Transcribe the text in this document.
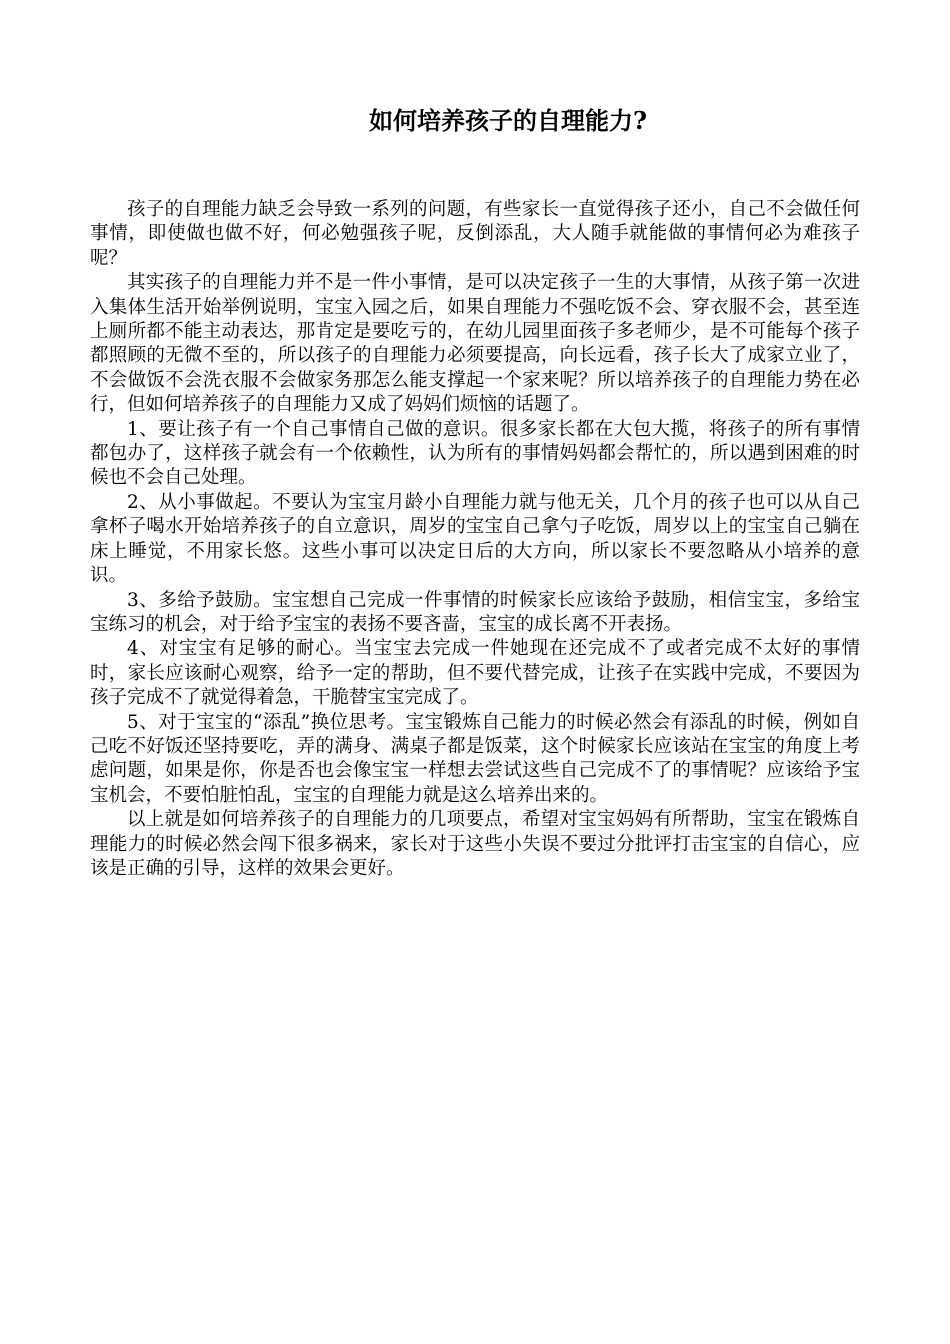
如何培养孩子的自理能力?

孩子的自理能力缺乏会导致一系列的问题，有些家长一直觉得孩子还小，自己不会做任何事情，即使做也做不好，何必勉强孩子呢，反倒添乱，大人随手就能做的事情何必为难孩子呢？

其实孩子的自理能力并不是一件小事情，是可以决定孩子一生的大事情，从孩子第一次进入集体生活开始举例说明，宝宝入园之后，如果自理能力不强吃饭不会、穿衣服不会，甚至连上厕所都不能主动表达，那肯定是要吃亏的，在幼儿园里面孩子多老师少，是不可能每个孩子都照顾的无微不至的，所以孩子的自理能力必须要提高，向长远看，孩子长大了成家立业了，不会做饭不会洗衣服不会做家务那怎么能支撑起一个家来呢？所以培养孩子的自理能力势在必行，但如何培养孩子的自理能力又成了妈妈们烦恼的话题了。

1、要让孩子有一个自己事情自己做的意识。很多家长都在大包大揽，将孩子的所有事情都包办了，这样孩子就会有一个依赖性，认为所有的事情妈妈都会帮忙的，所以遇到困难的时候也不会自己处理。

2、从小事做起。不要认为宝宝月龄小自理能力就与他无关，几个月的孩子也可以从自己拿杯子喝水开始培养孩子的自立意识，周岁的宝宝自己拿勺子吃饭，周岁以上的宝宝自己躺在床上睡觉，不用家长悠。这些小事可以决定日后的大方向，所以家长不要忽略从小培养的意识。

3、多给予鼓励。宝宝想自己完成一件事情的时候家长应该给予鼓励，相信宝宝，多给宝宝练习的机会，对于给予宝宝的表扬不要吝啬，宝宝的成长离不开表扬。

4、对宝宝有足够的耐心。当宝宝去完成一件她现在还完成不了或者完成不太好的事情时，家长应该耐心观察，给予一定的帮助，但不要代替完成，让孩子在实践中完成，不要因为孩子完成不了就觉得着急，干脆替宝宝完成了。

5、对于宝宝的“添乱”换位思考。宝宝锻炼自己能力的时候必然会有添乱的时候，例如自己吃不好饭还坚持要吃，弄的满身、满桌子都是饭菜，这个时候家长应该站在宝宝的角度上考虑问题，如果是你，你是否也会像宝宝一样想去尝试这些自己完成不了的事情呢？应该给予宝宝机会，不要怕脏怕乱，宝宝的自理能力就是这么培养出来的。

以上就是如何培养孩子的自理能力的几项要点，希望对宝宝妈妈有所帮助，宝宝在锻炼自理能力的时候必然会闯下很多祸来，家长对于这些小失误不要过分批评打击宝宝的自信心，应该是正确的引导，这样的效果会更好。
